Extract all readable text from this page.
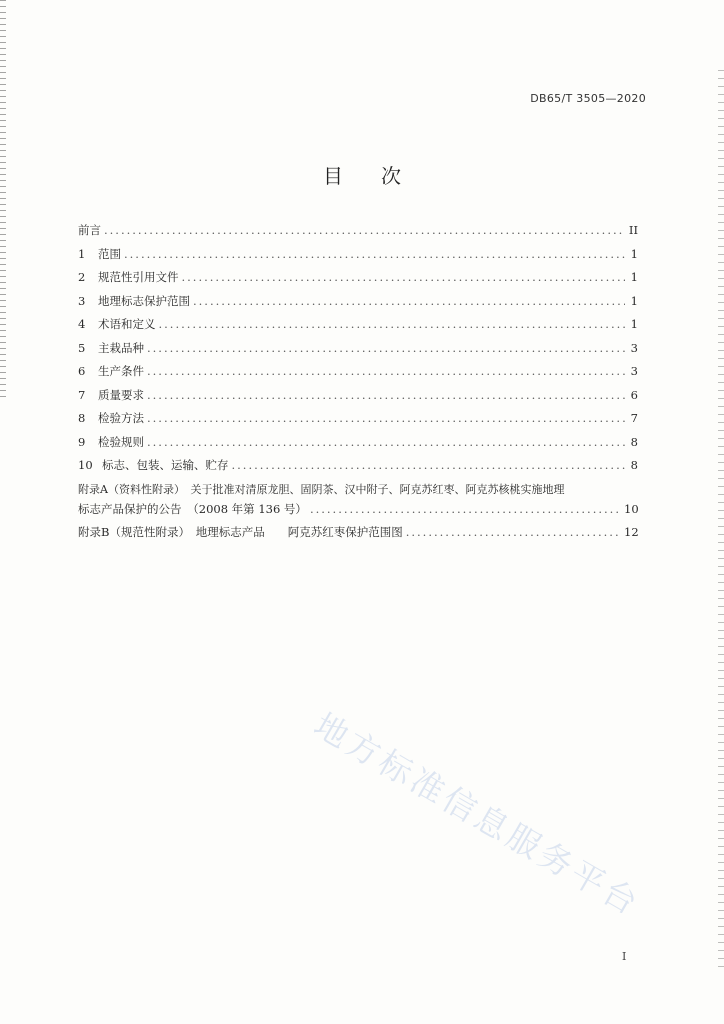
DB65/T 3505—2020
目次
前言 .....	II
1	范围 .....	1
2	规范性引用文件 .....	1
3	地理标志保护范围 .....	1
4	术语和定义 .....	1
5	主栽品种 .....	3
6	生产条件 .....	3
7	质量要求 .....	6
8	检验方法 .....	7
9	检验规则 .....	8
10 标志、包装、运输、贮存 .....	8
附录A（资料性附录）　关于批准对清原龙胆、固阴茶、汉中附子、阿克苏红枣、阿克苏核桃实施地理
标志产品保护的公告　（2008 年第 136 号） .....	10
附录B（规范性附录）　地理标志产品　　阿克苏红枣保护范围图 .....	12
地方标准信息服务平台
I
